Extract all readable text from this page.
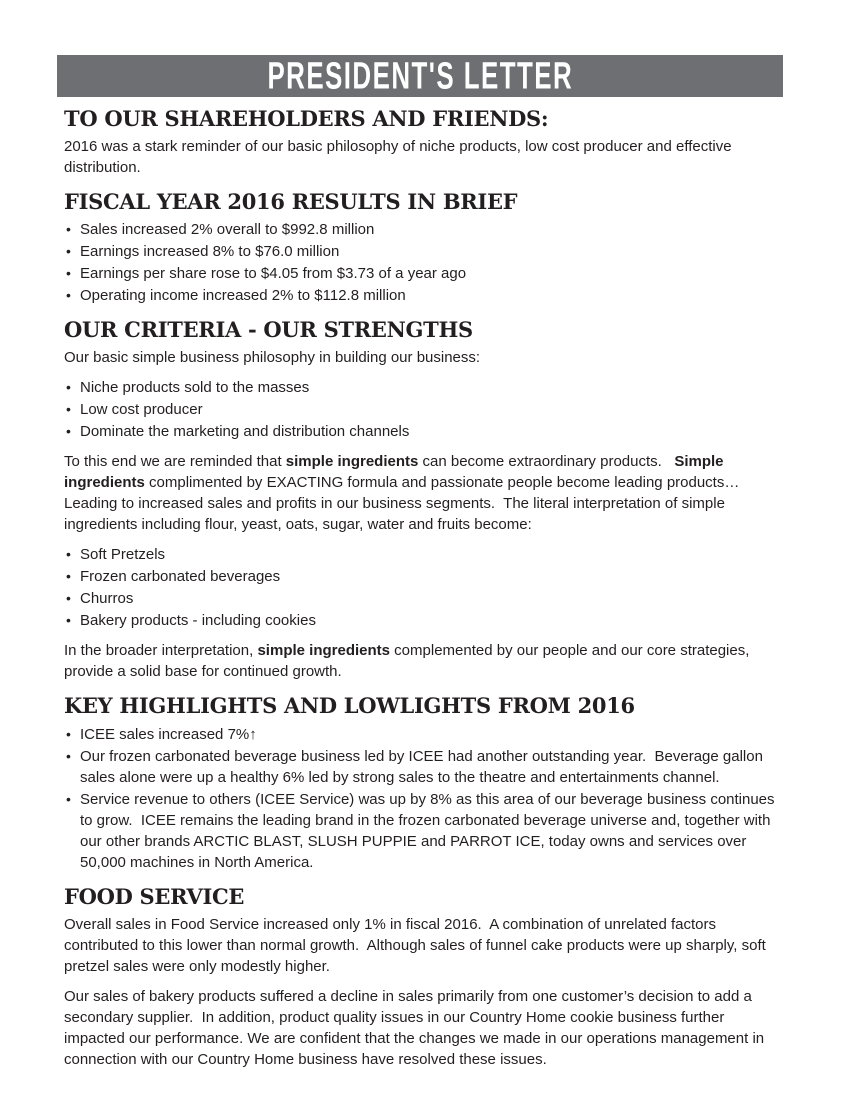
PRESIDENT'S LETTER
TO OUR SHAREHOLDERS AND FRIENDS:

2016 was a stark reminder of our basic philosophy of niche products, low cost producer and effective distribution.

FISCAL YEAR 2016 RESULTS IN BRIEF
• Sales increased 2% overall to $992.8 million
• Earnings increased 8% to $76.0 million
• Earnings per share rose to $4.05 from $3.73 of a year ago
• Operating income increased 2% to $112.8 million
OUR CRITERIA - OUR STRENGTHS

Our basic simple business philosophy in building our business:

• Niche products sold to the masses
• Low cost producer
• Dominate the marketing and distribution channels

To this end we are reminded that simple ingredients can become extraordinary products.   Simple ingredients complimented by EXACTING formula and passionate people become leading products…Leading to increased sales and profits in our business segments.  The literal interpretation of simple ingredients including flour, yeast, oats, sugar, water and fruits become:

• Soft Pretzels
• Frozen carbonated beverages
• Churros
• Bakery products - including cookies

In the broader interpretation, simple ingredients complemented by our people and our core strategies, provide a solid base for continued growth.

KEY HIGHLIGHTS AND LOWLIGHTS FROM 2016
• ICEE sales increased 7%↑
• Our frozen carbonated beverage business led by ICEE had another outstanding year.  Beverage gallon sales alone were up a healthy 6% led by strong sales to the theatre and entertainments channel.
• Service revenue to others (ICEE Service) was up by 8% as this area of our beverage business continues to grow.  ICEE remains the leading brand in the frozen carbonated beverage universe and, together with our other brands ARCTIC BLAST, SLUSH PUPPIE and PARROT ICE, today owns and services over 50,000 machines in North America.
FOOD SERVICE

Overall sales in Food Service increased only 1% in fiscal 2016.  A combination of unrelated factors contributed to this lower than normal growth.  Although sales of funnel cake products were up sharply, soft pretzel sales were only modestly higher.

Our sales of bakery products suffered a decline in sales primarily from one customer’s decision to add a secondary supplier.  In addition, product quality issues in our Country Home cookie business further impacted our performance. We are confident that the changes we made in our operations management in connection with our Country Home business have resolved these issues.
